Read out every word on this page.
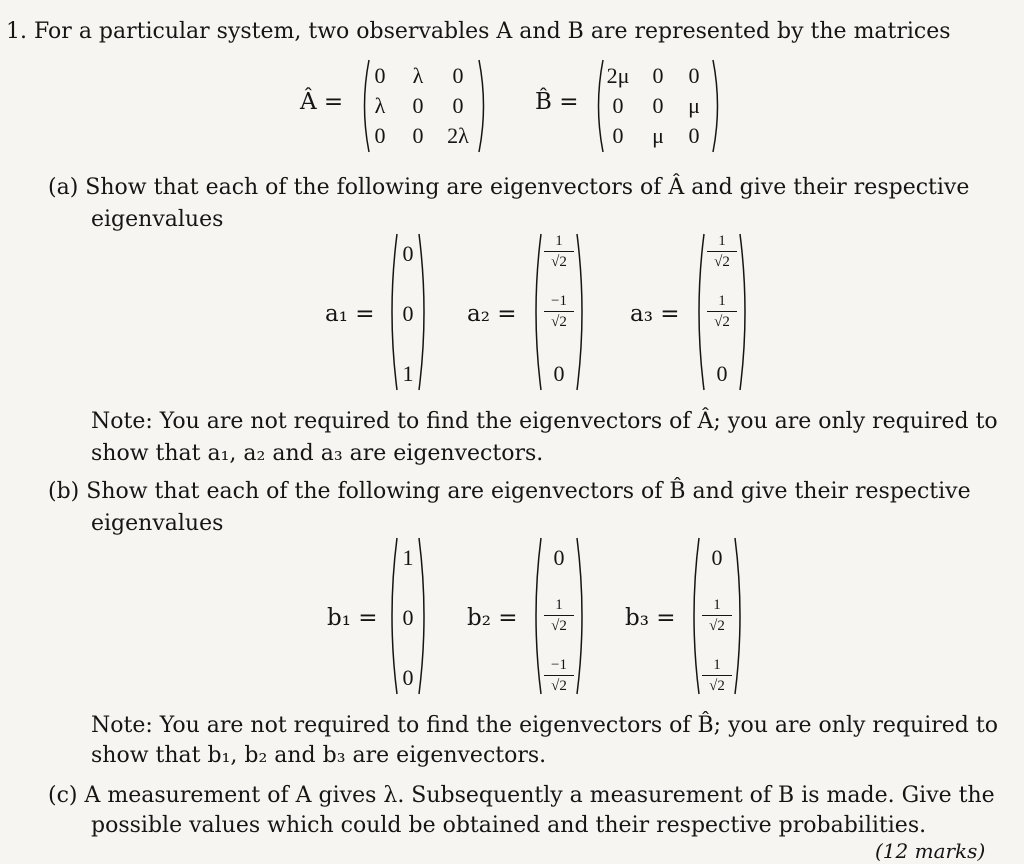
1. For a particular system, two observables A and B are represented by the matrices
Â =
0	λ	0
λ	0	0
0	0	2λ
B̂ =
2μ	0	0
0	0	μ
0	μ	0
(a) Show that each of the following are eigenvectors of Â and give their respective
eigenvalues
a₁ =
0
0
1
a₂ =
1
√2
−1
√2
0
a₃ =
1
√2
1
√2
0
Note: You are not required to find the eigenvectors of Â; you are only required to
show that a₁, a₂ and a₃ are eigenvectors.
(b) Show that each of the following are eigenvectors of B̂ and give their respective
eigenvalues
b₁ =
1
0
0
b₂ =
0
1
√2
−1
√2
b₃ =
0
1
√2
1
√2
Note: You are not required to find the eigenvectors of B̂; you are only required to
show that b₁, b₂ and b₃ are eigenvectors.
(c) A measurement of A gives λ. Subsequently a measurement of B is made. Give the
possible values which could be obtained and their respective probabilities.
(12 marks)
